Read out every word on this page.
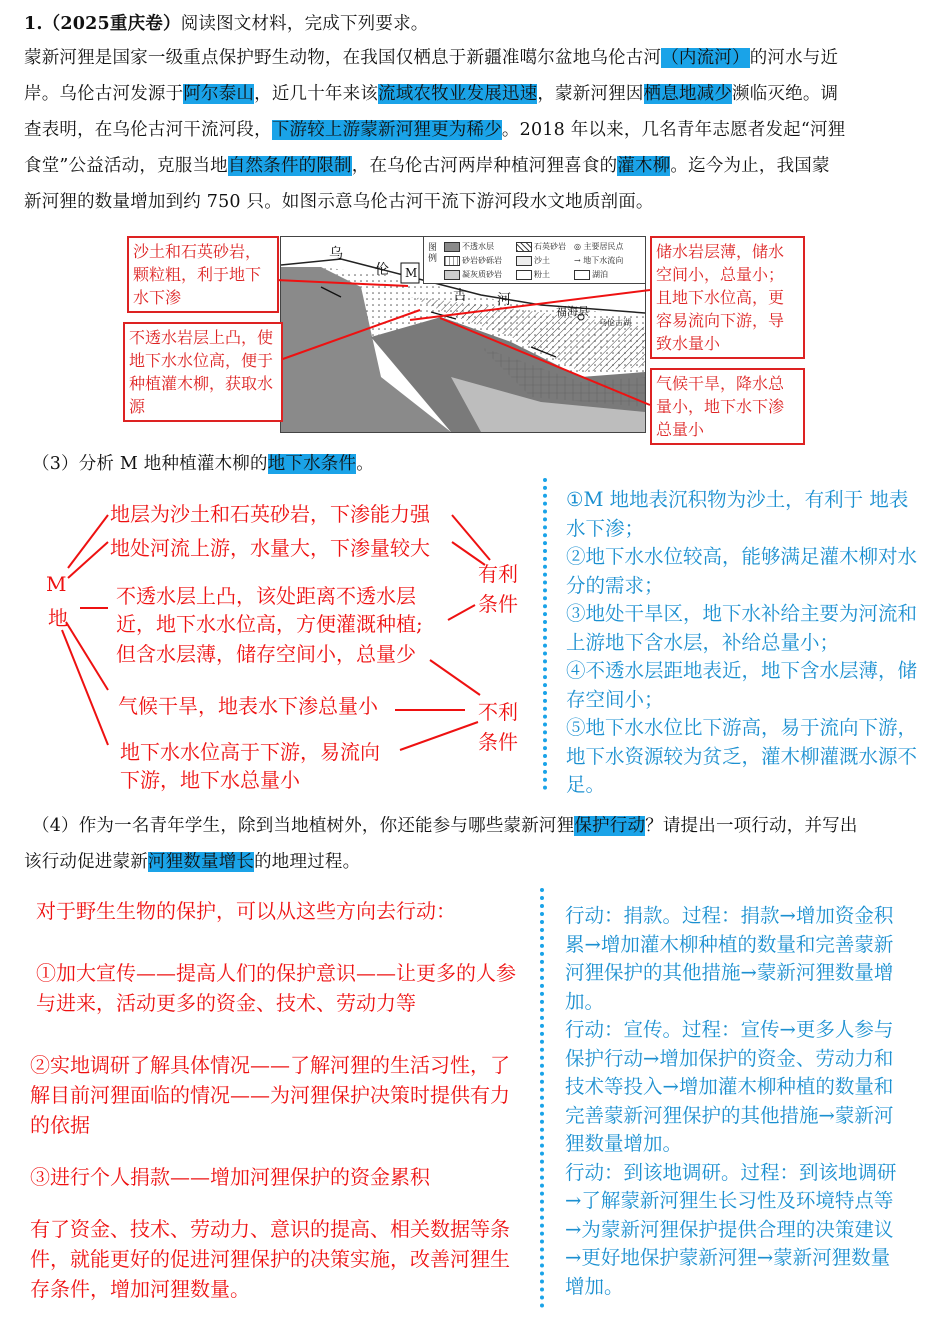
1.（2025重庆卷）阅读图文材料，完成下列要求。
蒙新河狸是国家一级重点保护野生动物，在我国仅栖息于新疆准噶尔盆地乌伦古河（内流河）的河水与近
岸。乌伦古河发源于阿尔泰山，近几十年来该流域农牧业发展迅速，蒙新河狸因栖息地减少濒临灭绝。调
查表明，在乌伦古河干流河段，下游较上游蒙新河狸更为稀少。2018 年以来，几名青年志愿者发起“河狸
食堂”公益活动，克服当地自然条件的限制，在乌伦古河两岸种植河狸喜食的灌木柳。迄今为止，我国蒙
新河狸的数量增加到约 750 只。如图示意乌伦古河干流下游河段水文地质剖面。
乌
伦 M
古 河
福海县
乌伦古湖
图例
不透水层	石英砂岩 ◎ 主要居民点
砂岩砂砾岩	沙土	→ 地下水流向
凝灰质砂岩	粉土	湖泊
沙土和石英砂岩，颗粒粗，利于地下水下渗
不透水岩层上凸，使地下水水位高，便于种植灌木柳，获取水源
储水岩层薄，储水空间小，总量小；且地下水位高，更容易流向下游，导致水量小
气候干旱，降水总量小，地下水下渗总量小
（3）分析 M 地种植灌木柳的地下水条件。
M
地
地层为沙土和石英砂岩，下渗能力强
地处河流上游，水量大，下渗量较大
不透水层上凸，该处距离不透水层
近，地下水水位高，方便灌溉种植;
但含水层薄，储存空间小，总量少
气候干旱，地表水下渗总量小
地下水水位高于下游，易流向
下游，地下水总量小
有利
条件
不利
条件
①M 地地表沉积物为沙土，有利于 地表水下渗；
②地下水水位较高，能够满足灌木柳对水分的需求；
③地处干旱区，地下水补给主要为河流和上游地下含水层，补给总量小；
④不透水层距地表近，地下含水层薄，储存空间小；
⑤地下水水位比下游高，易于流向下游，地下水资源较为贫乏，灌木柳灌溉水源不足。
（4）作为一名青年学生，除到当地植树外，你还能参与哪些蒙新河狸保护行动？请提出一项行动，并写出
该行动促进蒙新河狸数量增长的地理过程。
对于野生生物的保护，可以从这些方向去行动：
①加大宣传——提高人们的保护意识——让更多的人参与进来，活动更多的资金、技术、劳动力等
②实地调研了解具体情况——了解河狸的生活习性，了解目前河狸面临的情况——为河狸保护决策时提供有力的依据
③进行个人捐款——增加河狸保护的资金累积
有了资金、技术、劳动力、意识的提高、相关数据等条件，就能更好的促进河狸保护的决策实施，改善河狸生存条件，增加河狸数量。
行动：捐款。过程：捐款→增加资金积 累→增加灌木柳种植的数量和完善蒙新 河狸保护的其他措施→蒙新河狸数量增 加。
行动：宣传。过程：宣传→更多人参与 保护行动→增加保护的资金、劳动力和 技术等投入→增加灌木柳种植的数量和 完善蒙新河狸保护的其他措施→蒙新河 狸数量增加。
行动：到该地调研。过程：到该地调研 →了解蒙新河狸生长习性及环境特点等 →为蒙新河狸保护提供合理的决策建议 →更好地保护蒙新河狸→蒙新河狸数量 增加。
